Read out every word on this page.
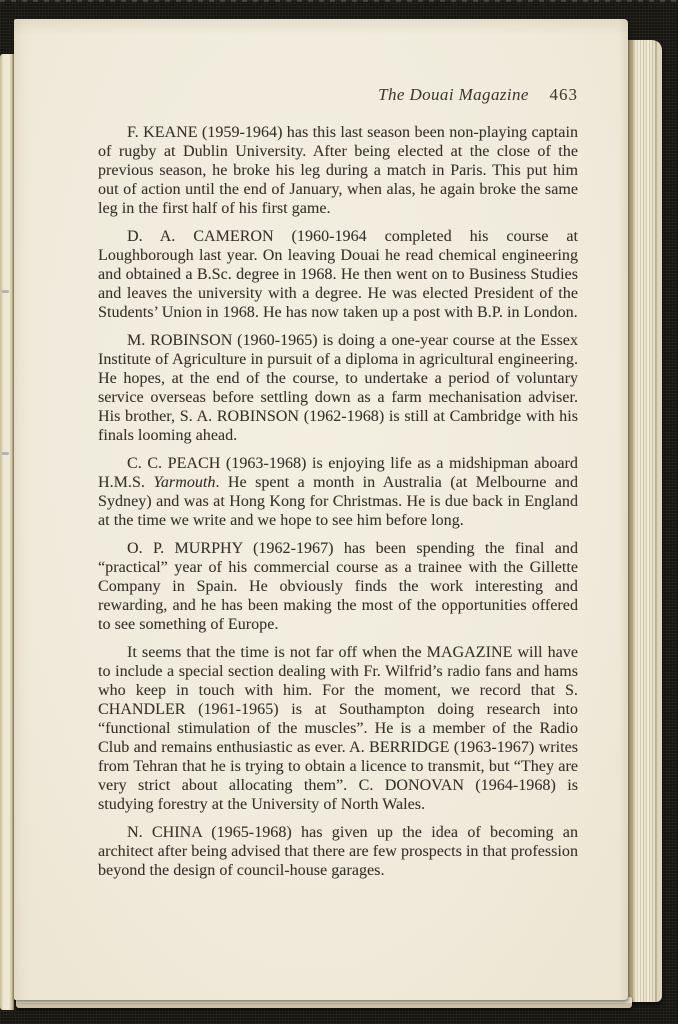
The Douai Magazine 463

F. KEANE (1959-1964) has this last season been non-playing captain of rugby at Dublin University. After being elected at the close of the previous season, he broke his leg during a match in Paris. This put him out of action until the end of January, when alas, he again broke the same leg in the first half of his first game.

D. A. CAMERON (1960-1964 completed his course at Loughborough last year. On leaving Douai he read chemical engineering and obtained a B.Sc. degree in 1968. He then went on to Business Studies and leaves the university with a degree. He was elected President of the Students’ Union in 1968. He has now taken up a post with B.P. in London.

M. ROBINSON (1960-1965) is doing a one-year course at the Essex Institute of Agriculture in pursuit of a diploma in agricultural engineering. He hopes, at the end of the course, to undertake a period of voluntary service overseas before settling down as a farm mechanisation adviser. His brother, S. A. ROBINSON (1962-1968) is still at Cambridge with his finals looming ahead.

C. C. PEACH (1963-1968) is enjoying life as a midshipman aboard H.M.S. Yarmouth. He spent a month in Australia (at Melbourne and Sydney) and was at Hong Kong for Christmas. He is due back in England at the time we write and we hope to see him before long.

O. P. MURPHY (1962-1967) has been spending the final and “practical” year of his commercial course as a trainee with the Gillette Company in Spain. He obviously finds the work interesting and rewarding, and he has been making the most of the opportunities offered to see something of Europe.

It seems that the time is not far off when the MAGAZINE will have to include a special section dealing with Fr. Wilfrid’s radio fans and hams who keep in touch with him. For the moment, we record that S. CHANDLER (1961-1965) is at Southampton doing research into “functional stimulation of the muscles”. He is a member of the Radio Club and remains enthusiastic as ever. A. BERRIDGE (1963-1967) writes from Tehran that he is trying to obtain a licence to transmit, but “They are very strict about allocating them”. C. DONOVAN (1964-1968) is studying forestry at the University of North Wales.

N. CHINA (1965-1968) has given up the idea of becoming an architect after being advised that there are few prospects in that profession beyond the design of council-house garages.
